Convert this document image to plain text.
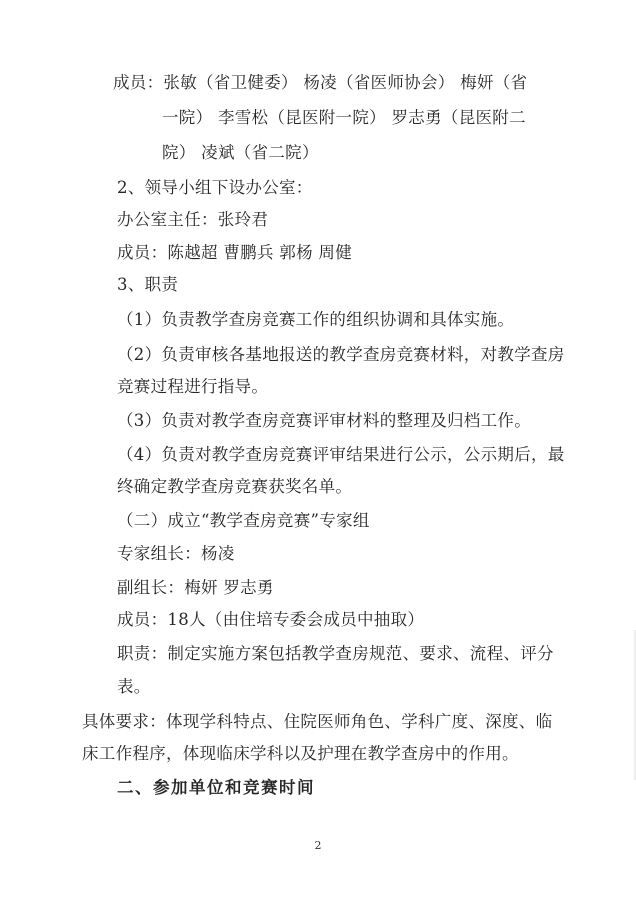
成员：张敏（省卫健委） 杨凌（省医师协会） 梅妍（省
一院） 李雪松（昆医附一院） 罗志勇（昆医附二
院） 凌斌（省二院）
2、领导小组下设办公室：
办公室主任：张玲君
成员：陈越超 曹鹏兵 郭杨 周健
3、职责
（1）负责教学查房竞赛工作的组织协调和具体实施。
（2）负责审核各基地报送的教学查房竞赛材料，对教学查房
竞赛过程进行指导。
（3）负责对教学查房竞赛评审材料的整理及归档工作。
（4）负责对教学查房竞赛评审结果进行公示，公示期后，最
终确定教学查房竞赛获奖名单。
（二）成立“教学查房竞赛”专家组
专家组长：杨凌
副组长：梅妍 罗志勇
成员：18人（由住培专委会成员中抽取）
职责：制定实施方案包括教学查房规范、要求、流程、评分
表。
具体要求：体现学科特点、住院医师角色、学科广度、深度、临
床工作程序，体现临床学科以及护理在教学查房中的作用。
二、参加单位和竞赛时间
2
